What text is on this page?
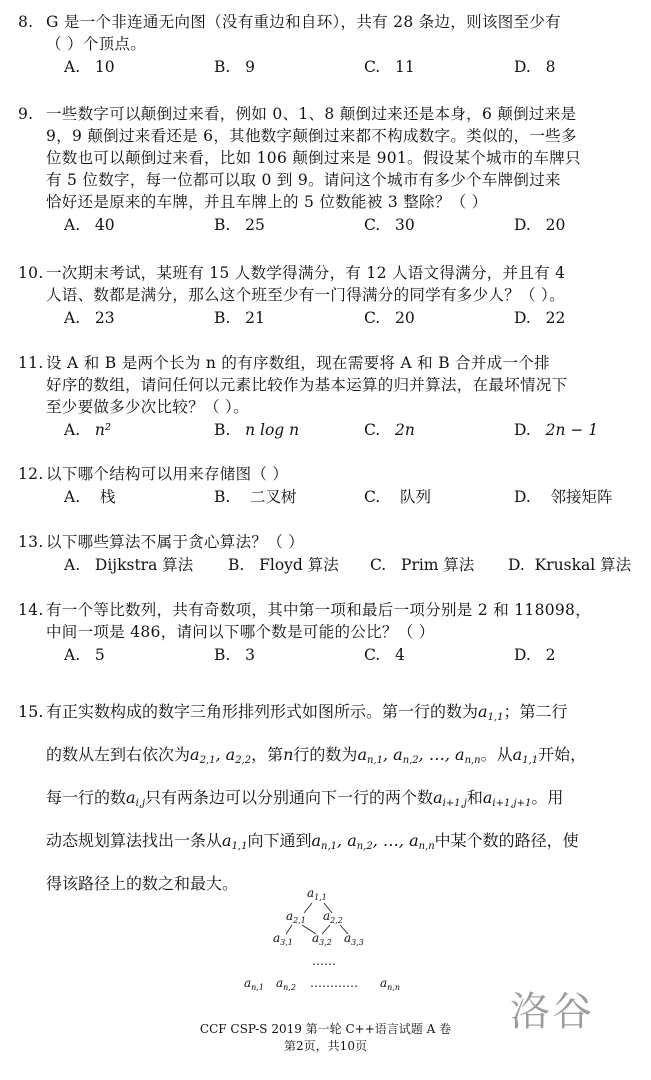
8. G 是一个非连通无向图（没有重边和自环），共有 28 条边，则该图至少有
（ ）个顶点。
A. 10	B. 9	C. 11	D. 8
9. 一些数字可以颠倒过来看，例如 0、1、8 颠倒过来还是本身，6 颠倒过来是
9，9 颠倒过来看还是 6，其他数字颠倒过来都不构成数字。类似的，一些多
位数也可以颠倒过来看，比如 106 颠倒过来是 901。假设某个城市的车牌只
有 5 位数字，每一位都可以取 0 到 9。请问这个城市有多少个车牌倒过来
恰好还是原来的车牌，并且车牌上的 5 位数能被 3 整除？（ ）
A. 40	B. 25	C. 30	D. 20
10. 一次期末考试，某班有 15 人数学得满分，有 12 人语文得满分，并且有 4
人语、数都是满分，那么这个班至少有一门得满分的同学有多少人？（ ）。
A. 23	B. 21	C. 20	D. 22
11. 设 A 和 B 是两个长为 n 的有序数组，现在需要将 A 和 B 合并成一个排
好序的数组，请问任何以元素比较作为基本运算的归并算法，在最坏情况下
至少要做多少次比较？（ ）。
A. n²	B. n log n	C. 2n	D. 2n − 1
12. 以下哪个结构可以用来存储图（ ）
A. 栈	B. 二叉树	C. 队列	D. 邻接矩阵
13. 以下哪些算法不属于贪心算法？（ ）
A. Dijkstra 算法 B. Floyd 算法 C. Prim 算法 D. Kruskal 算法
14. 有一个等比数列，共有奇数项，其中第一项和最后一项分别是 2 和 118098，
中间一项是 486，请问以下哪个数是可能的公比？（ ）
A. 5	B. 3	C. 4	D. 2
15. 有正实数构成的数字三角形排列形式如图所示。第一行的数为$a_{1,1}$；第二行
的数从左到右依次为$a_{2,1}$, $a_{2,2}$，第n行的数为$a_{n,1}$, $a_{n,2}$, …, $a_{n,n}$。从$a_{1,1}$开始，
每一行的数$a_{i,j}$只有两条边可以分别通向下一行的两个数$a_{i+1,j}$和$a_{i+1,j+1}$。用
动态规划算法找出一条从$a_{1,1}$向下通到$a_{n,1}$, $a_{n,2}$, …, $a_{n,n}$中某个数的路径，使
得该路径上的数之和最大。	$a_{1,1}$
$a_{2,1}$ $a_{2,2}$
$a_{3,1}$ $a_{3,2}$ $a_{3,3}$
……
$a_{n,1}$ $a_{n,2}$ ………… $a_{n,n}$
洛谷
CCF CSP-S 2019 第一轮 C++语言试题 A 卷
第2页，共10页
